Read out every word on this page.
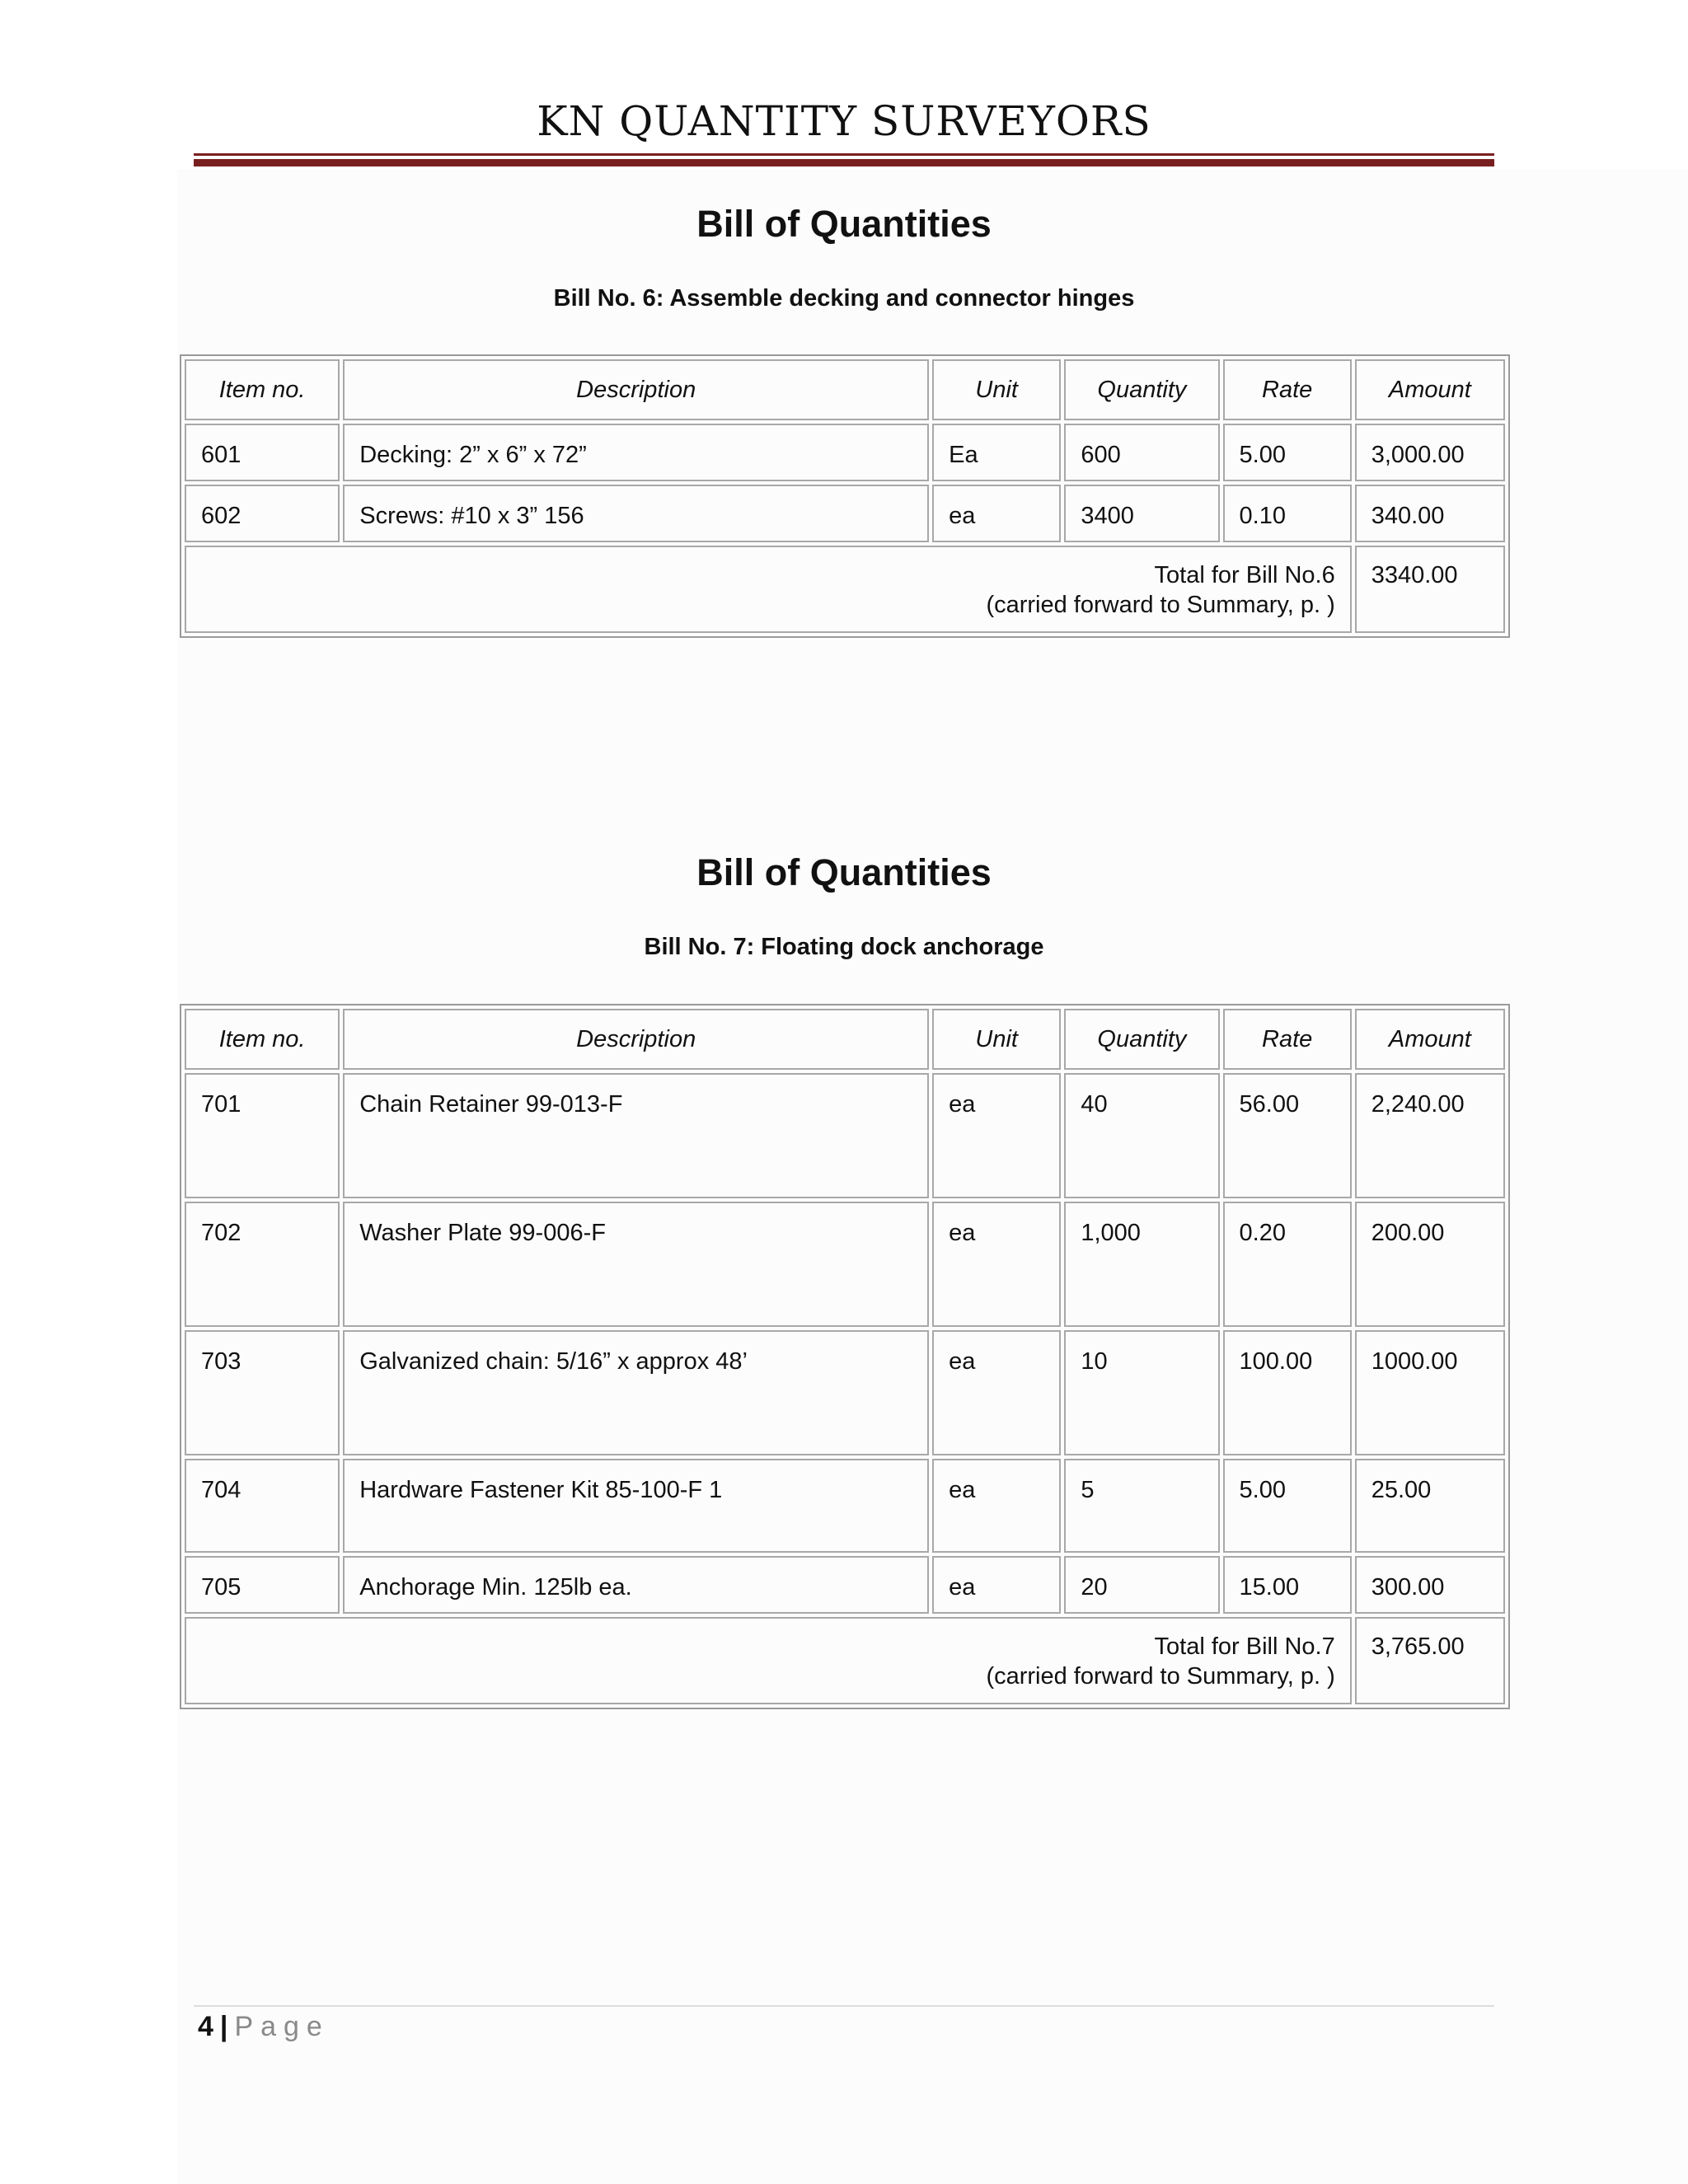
KN QUANTITY SURVEYORS
Bill of Quantities
Bill No. 6: Assemble decking and connector hinges
Item no.	Description	Unit	Quantity	Rate	Amount
601	Decking: 2” x 6” x 72”	Ea	600	5.00	3,000.00
602	Screws: #10 x 3” 156	ea	3400	0.10	340.00

Total for Bill No.6
(carried forward to Summary, p. )					3340.00
Bill of Quantities
Bill No. 7: Floating dock anchorage
Item no.	Description	Unit	Quantity	Rate	Amount
701	Chain Retainer 99-013-F	ea	40	56.00	2,240.00
702	Washer Plate 99-006-F	ea	1,000	0.20	200.00
703	Galvanized chain: 5/16” x approx 48’	ea	10	100.00	1000.00
704	Hardware Fastener Kit 85-100-F 1	ea	5	5.00	25.00
705	Anchorage Min. 125lb ea.	ea	20	15.00	300.00

Total for Bill No.7
(carried forward to Summary, p. )					3,765.00
4 | Page
